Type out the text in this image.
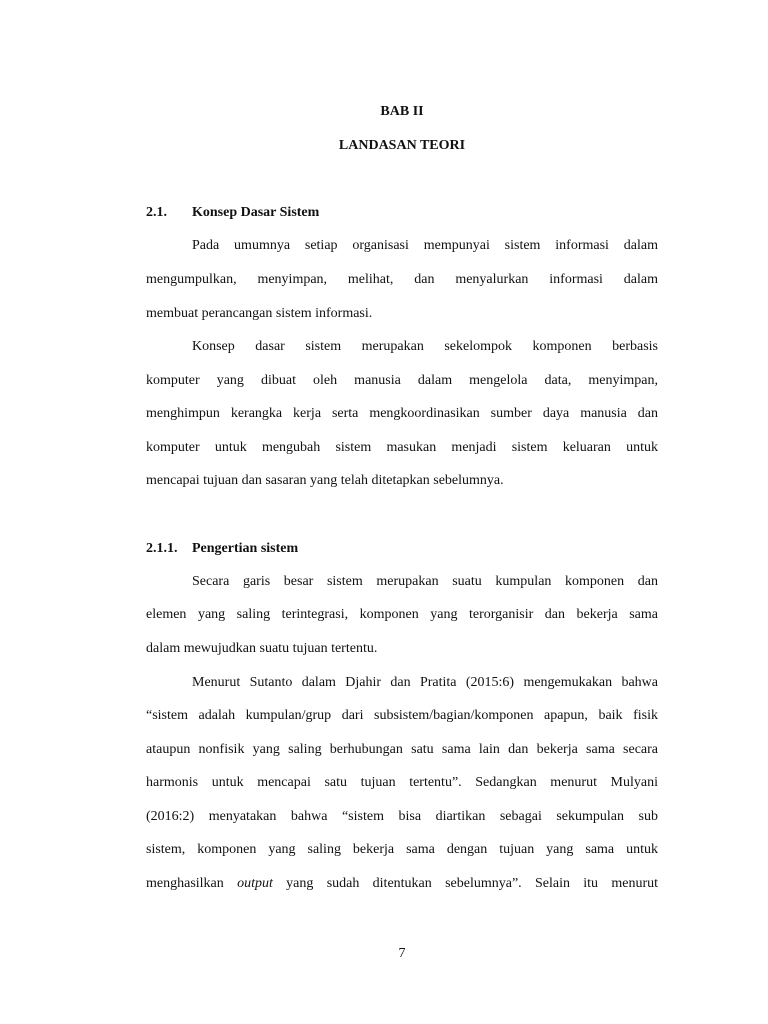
BAB II
LANDASAN TEORI
2.1. Konsep Dasar Sistem
Pada umumnya setiap organisasi mempunyai sistem informasi dalam
mengumpulkan, menyimpan, melihat, dan menyalurkan informasi dalam
membuat perancangan sistem informasi.
Konsep dasar sistem merupakan sekelompok komponen berbasis
komputer yang dibuat oleh manusia dalam mengelola data, menyimpan,
menghimpun kerangka kerja serta mengkoordinasikan sumber daya manusia dan
komputer untuk mengubah sistem masukan menjadi sistem keluaran untuk
mencapai tujuan dan sasaran yang telah ditetapkan sebelumnya.
2.1.1. Pengertian sistem
Secara garis besar sistem merupakan suatu kumpulan komponen dan
elemen yang saling terintegrasi, komponen yang terorganisir dan bekerja sama
dalam mewujudkan suatu tujuan tertentu.
Menurut Sutanto dalam Djahir dan Pratita (2015:6) mengemukakan bahwa
“sistem adalah kumpulan/grup dari subsistem/bagian/komponen apapun, baik fisik
ataupun nonfisik yang saling berhubungan satu sama lain dan bekerja sama secara
harmonis untuk mencapai satu tujuan tertentu”. Sedangkan menurut Mulyani
(2016:2) menyatakan bahwa “sistem bisa diartikan sebagai sekumpulan sub
sistem, komponen yang saling bekerja sama dengan tujuan yang sama untuk
menghasilkan output yang sudah ditentukan sebelumnya”. Selain itu menurut
7
